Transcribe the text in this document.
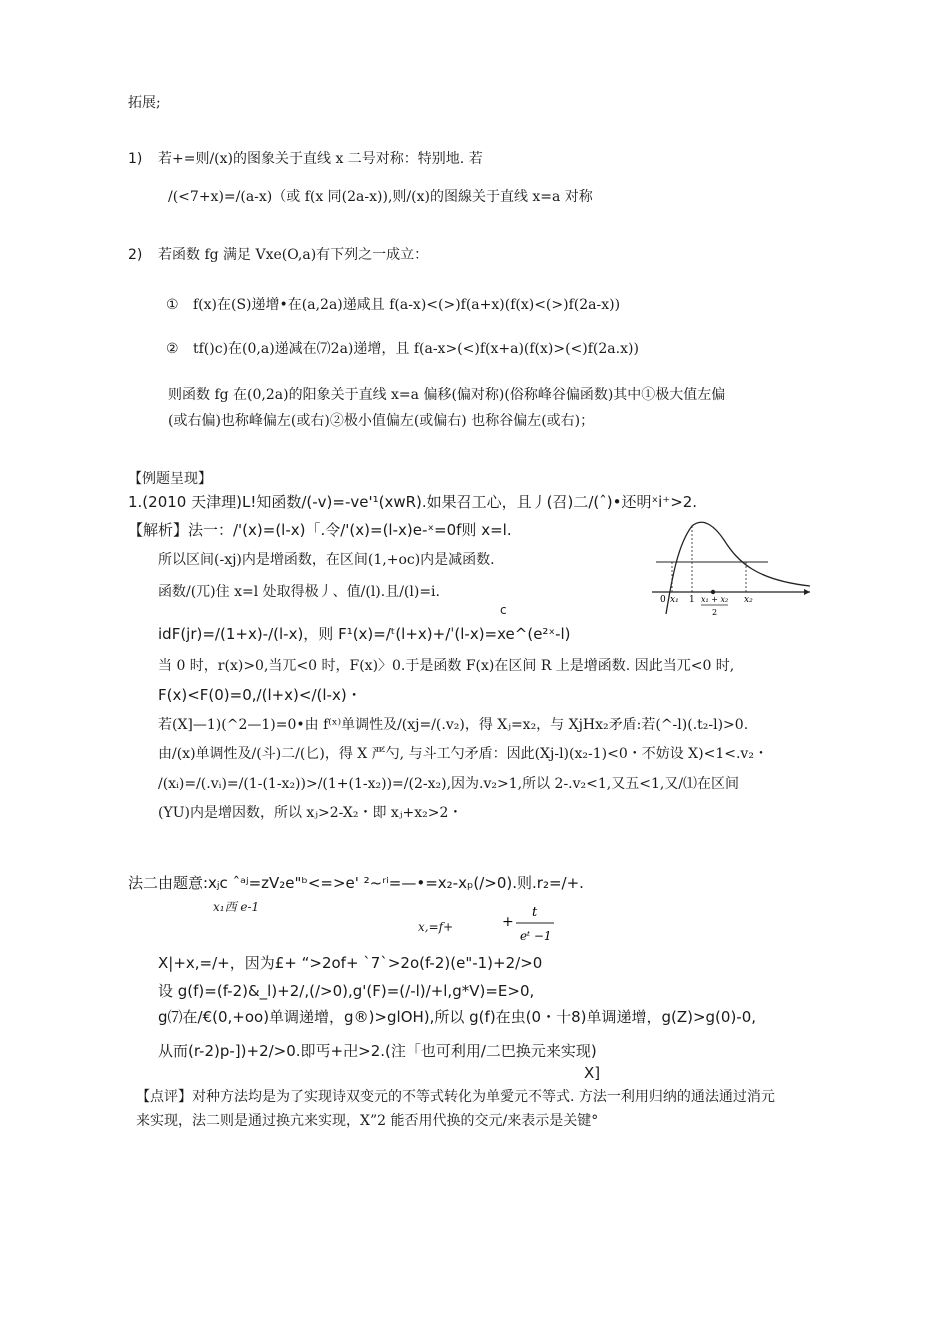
拓展;

1) 若+=则/(x)的图象关于直线 x 二号对称：特别地. 若

/(<7+x)=/(a-x)（或 f(x 同(2a-x)),则/(x)的图線关于直线 x=a 对称

2) 若函数 fg 满足 Vxe(O,a)有下列之一成立：

① f(x)在(S)递增•在(a,2a)递咸且 f(a-x)<(>)f(a+x)(f(x)<(>)f(2a-x))

② tf()c)在(0,a)递减在⑺2a)递增，且 f(a-x>(<)f(x+a)(f(x)>(<)f(2a.x))

则函数 fg 在(0,2a)的阳象关于直线 x=a 偏移(偏对称)(俗称峰谷偏函数)其中①极大值左偏

(或右偏)也称峰偏左(或右)②极小值偏左(或偏右) 也称谷偏左(或右)；

【例题呈现】

1.(2010 天津理)L!知函数/(-v)=-ve'¹(xwR).如果召工心，且丿(召)二/(ˆ)•还明ˣi⁺>2.

【解析】法一：/'(x)=(l-x)「.令/'(x)=(l-x)e-ˣ=0f则 x=l.

所以区间(-xj)内是增函数，在区间(1,+oc)内是减函数.

函数/(兀)住 x=l 处取得极丿、值/(l).且/(l)=i.

c

idF(jr)=/(1+x)-/(l-x)，则 F¹(x)=/ᵗ(l+x)+/ˈ(l-x)=xe^(e²ˣ-l)

当 0 时，r(x)>0,当兀<0 时，F(x)〉0.于是函数 F(x)在区间 R 上是增函数. 因此当兀<0 时,

F(x)<F(0)=0,/(l+x)</(l-x)・

若(X]—1)(^2—1)=0•由 f⁽ˣ⁾单调性及/(xj=/(.v₂)，得 Xⱼ=x₂，与 XjHx₂矛盾:若(^-l)(.t₂-l)>0.

由/(x)单调性及/(斗)二/(匕)，得 X 严勺, 与斗工勺矛盾：因此(Xj-l)(x₂-1)<0・不妨设 X)<1<.v₂・

/(xᵢ)=/(.vᵢ)=/(1-(1-x₂))>/(1+(1-x₂))=/(2-x₂),因为.v₂>1,所以 2-.v₂<1,又五<1,又/⑴在区间

(YU)内是增因数，所以 xⱼ>2-X₂・即 xⱼ+x₂>2・

0 x₁ 1 x₁ + x₂
2
x₂

法二由题意:xⱼc ˆᵃʲ=zV₂e"ᵇ<=>e' ²~ʳⁱ=—•=x₂-xₚ(/>0).则.r₂=/+.

x₁西 e-1

x,=f+	+
t
eᵗ −1

X|+x,=/+，因为£+ “>2of+ ˋ7ˋ>2o(f-2)(e"-1)+2/>0

设 g(f)=(f-2)&_l)+2/,(/>0),g'(F)=(/-l)/+l,g*V)=E>0,

g⑺在/€(0,+oo)单调递增，g®)>glOH),所以 g(f)在虫(0・十8)单调递增，g(Z)>g(0)-0,

从而(r-2)p-])+2/>0.即丐+卍>2.(注「也可利用/二巴换元来实现)

X]

【点评】对种方法均是为了实现诗双变元的不等式转化为单愛元不等式. 方法一利用归纳的通法通过消元

来实现，法二则是通过换亢来实现，X”2 能否用代换的交元/来表示是关键°
